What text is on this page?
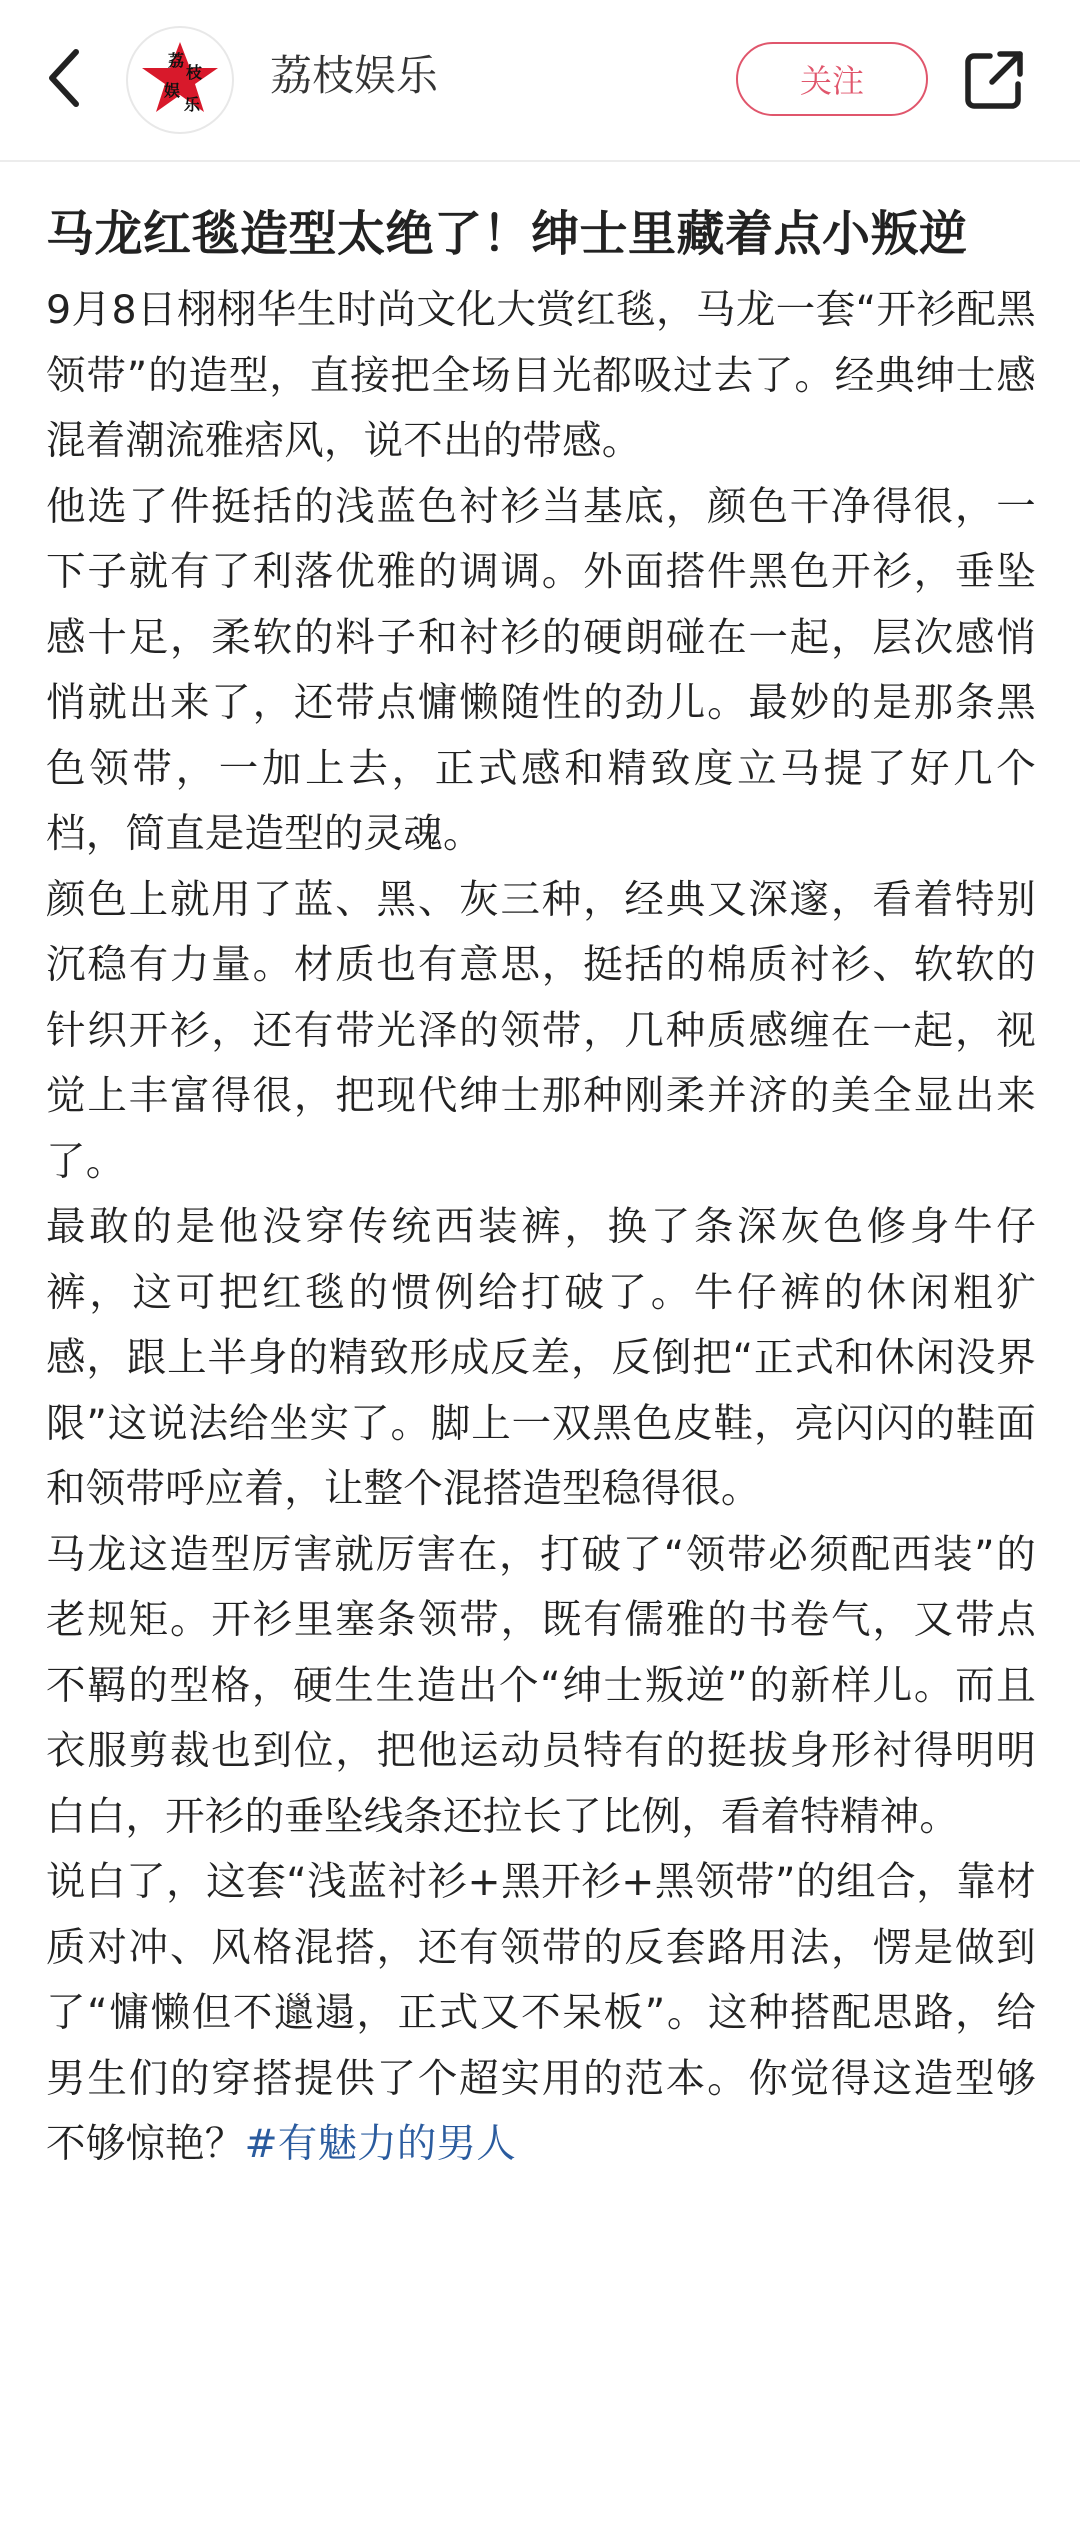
荔
枝
娱
乐
荔枝娱乐	关注
马龙红毯造型太绝了！绅士里藏着点小叛逆

9月8日栩栩华生时尚文化大赏红毯，马龙一套“开衫配黑领带”的造型，直接把全场目光都吸过去了。经典绅士感混着潮流雅痞风，说不出的带感。

他选了件挺括的浅蓝色衬衫当基底，颜色干净得很，一下子就有了利落优雅的调调。外面搭件黑色开衫，垂坠感十足，柔软的料子和衬衫的硬朗碰在一起，层次感悄悄就出来了，还带点慵懒随性的劲儿。最妙的是那条黑色领带，一加上去，正式感和精致度立马提了好几个档，简直是造型的灵魂。

颜色上就用了蓝、黑、灰三种，经典又深邃，看着特别沉稳有力量。材质也有意思，挺括的棉质衬衫、软软的针织开衫，还有带光泽的领带，几种质感缠在一起，视觉上丰富得很，把现代绅士那种刚柔并济的美全显出来了。

最敢的是他没穿传统西装裤，换了条深灰色修身牛仔裤，这可把红毯的惯例给打破了。牛仔裤的休闲粗犷感，跟上半身的精致形成反差，反倒把“正式和休闲没界限”这说法给坐实了。脚上一双黑色皮鞋，亮闪闪的鞋面和领带呼应着，让整个混搭造型稳得很。

马龙这造型厉害就厉害在，打破了“领带必须配西装”的老规矩。开衫里塞条领带，既有儒雅的书卷气，又带点不羁的型格，硬生生造出个“绅士叛逆”的新样儿。而且衣服剪裁也到位，把他运动员特有的挺拔身形衬得明明白白，开衫的垂坠线条还拉长了比例，看着特精神。

说白了，这套“浅蓝衬衫+黑开衫+黑领带”的组合，靠材质对冲、风格混搭，还有领带的反套路用法，愣是做到了“慵懒但不邋遢，正式又不呆板”。这种搭配思路，给男生们的穿搭提供了个超实用的范本。你觉得这造型够不够惊艳？#有魅力的男人
